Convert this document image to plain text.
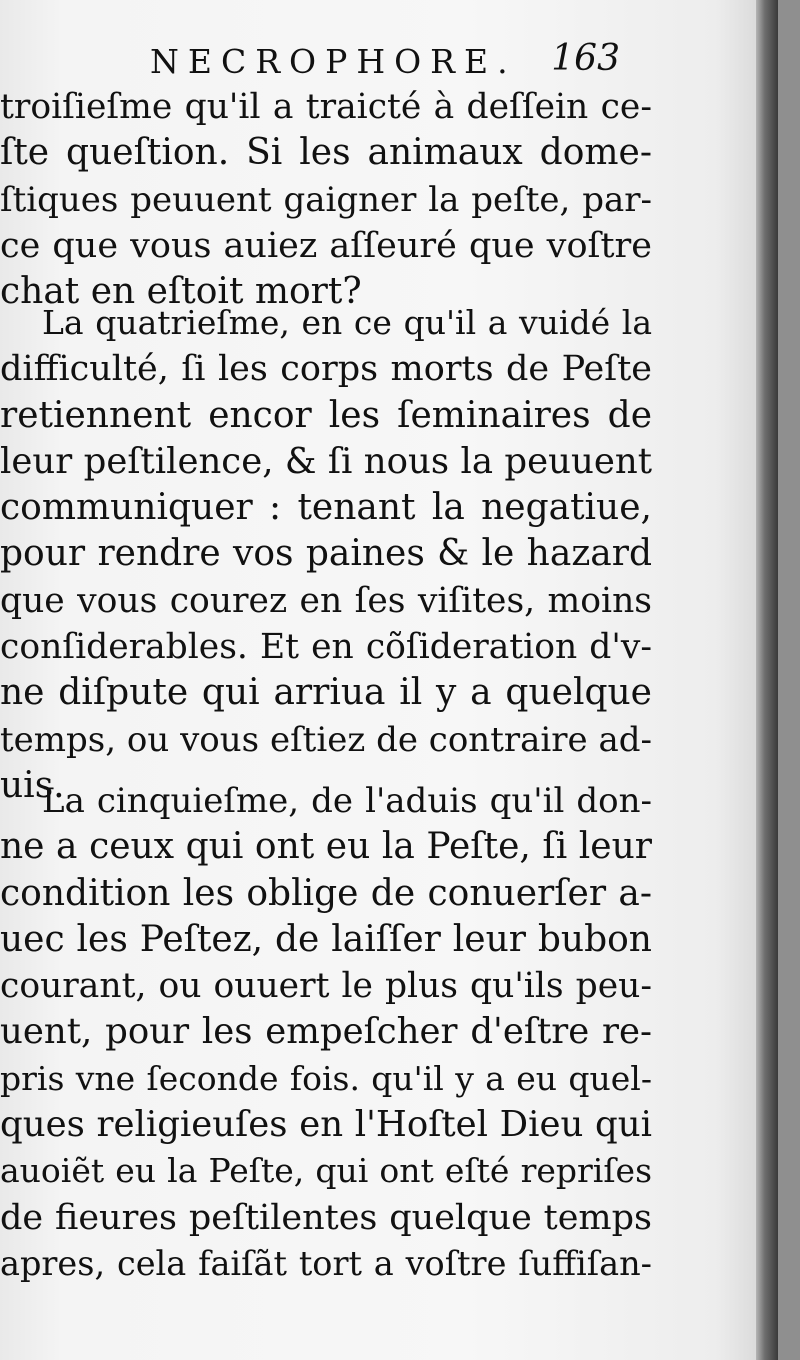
NECROPHORE. 163
troiſieſme qu'il a traicté à deſſein ce-
ſte queſtion. Si les animaux dome-
ſtiques peuuent gaigner la peſte, par-
ce que vous auiez aſſeuré que voſtre
chat en eſtoit mort?
La quatrieſme, en ce qu'il a vuidé la
difficulté, ſi les corps morts de Peſte
retiennent encor les ſeminaires de
leur peſtilence, & ſi nous la peuuent
communiquer : tenant la negatiue,
pour rendre vos paines & le hazard
que vous courez en ſes viſites, moins
conſiderables. Et en cõſideration d'v-
ne diſpute qui arriua il y a quelque
temps, ou vous eſtiez de contraire ad-
uis.
La cinquieſme, de l'aduis qu'il don-
ne a ceux qui ont eu la Peſte, ſi leur
condition les oblige de conuerſer a-
uec les Peſtez, de laiſſer leur bubon
courant, ou ouuert le plus qu'ils peu-
uent, pour les empeſcher d'eſtre re-
pris vne ſeconde fois. qu'il y a eu quel-
ques religieuſes en l'Hoſtel Dieu qui
auoiẽt eu la Peſte, qui ont eſté repriſes
de fieures peſtilentes quelque temps
apres, cela faiſãt tort a voſtre ſuffiſan-
